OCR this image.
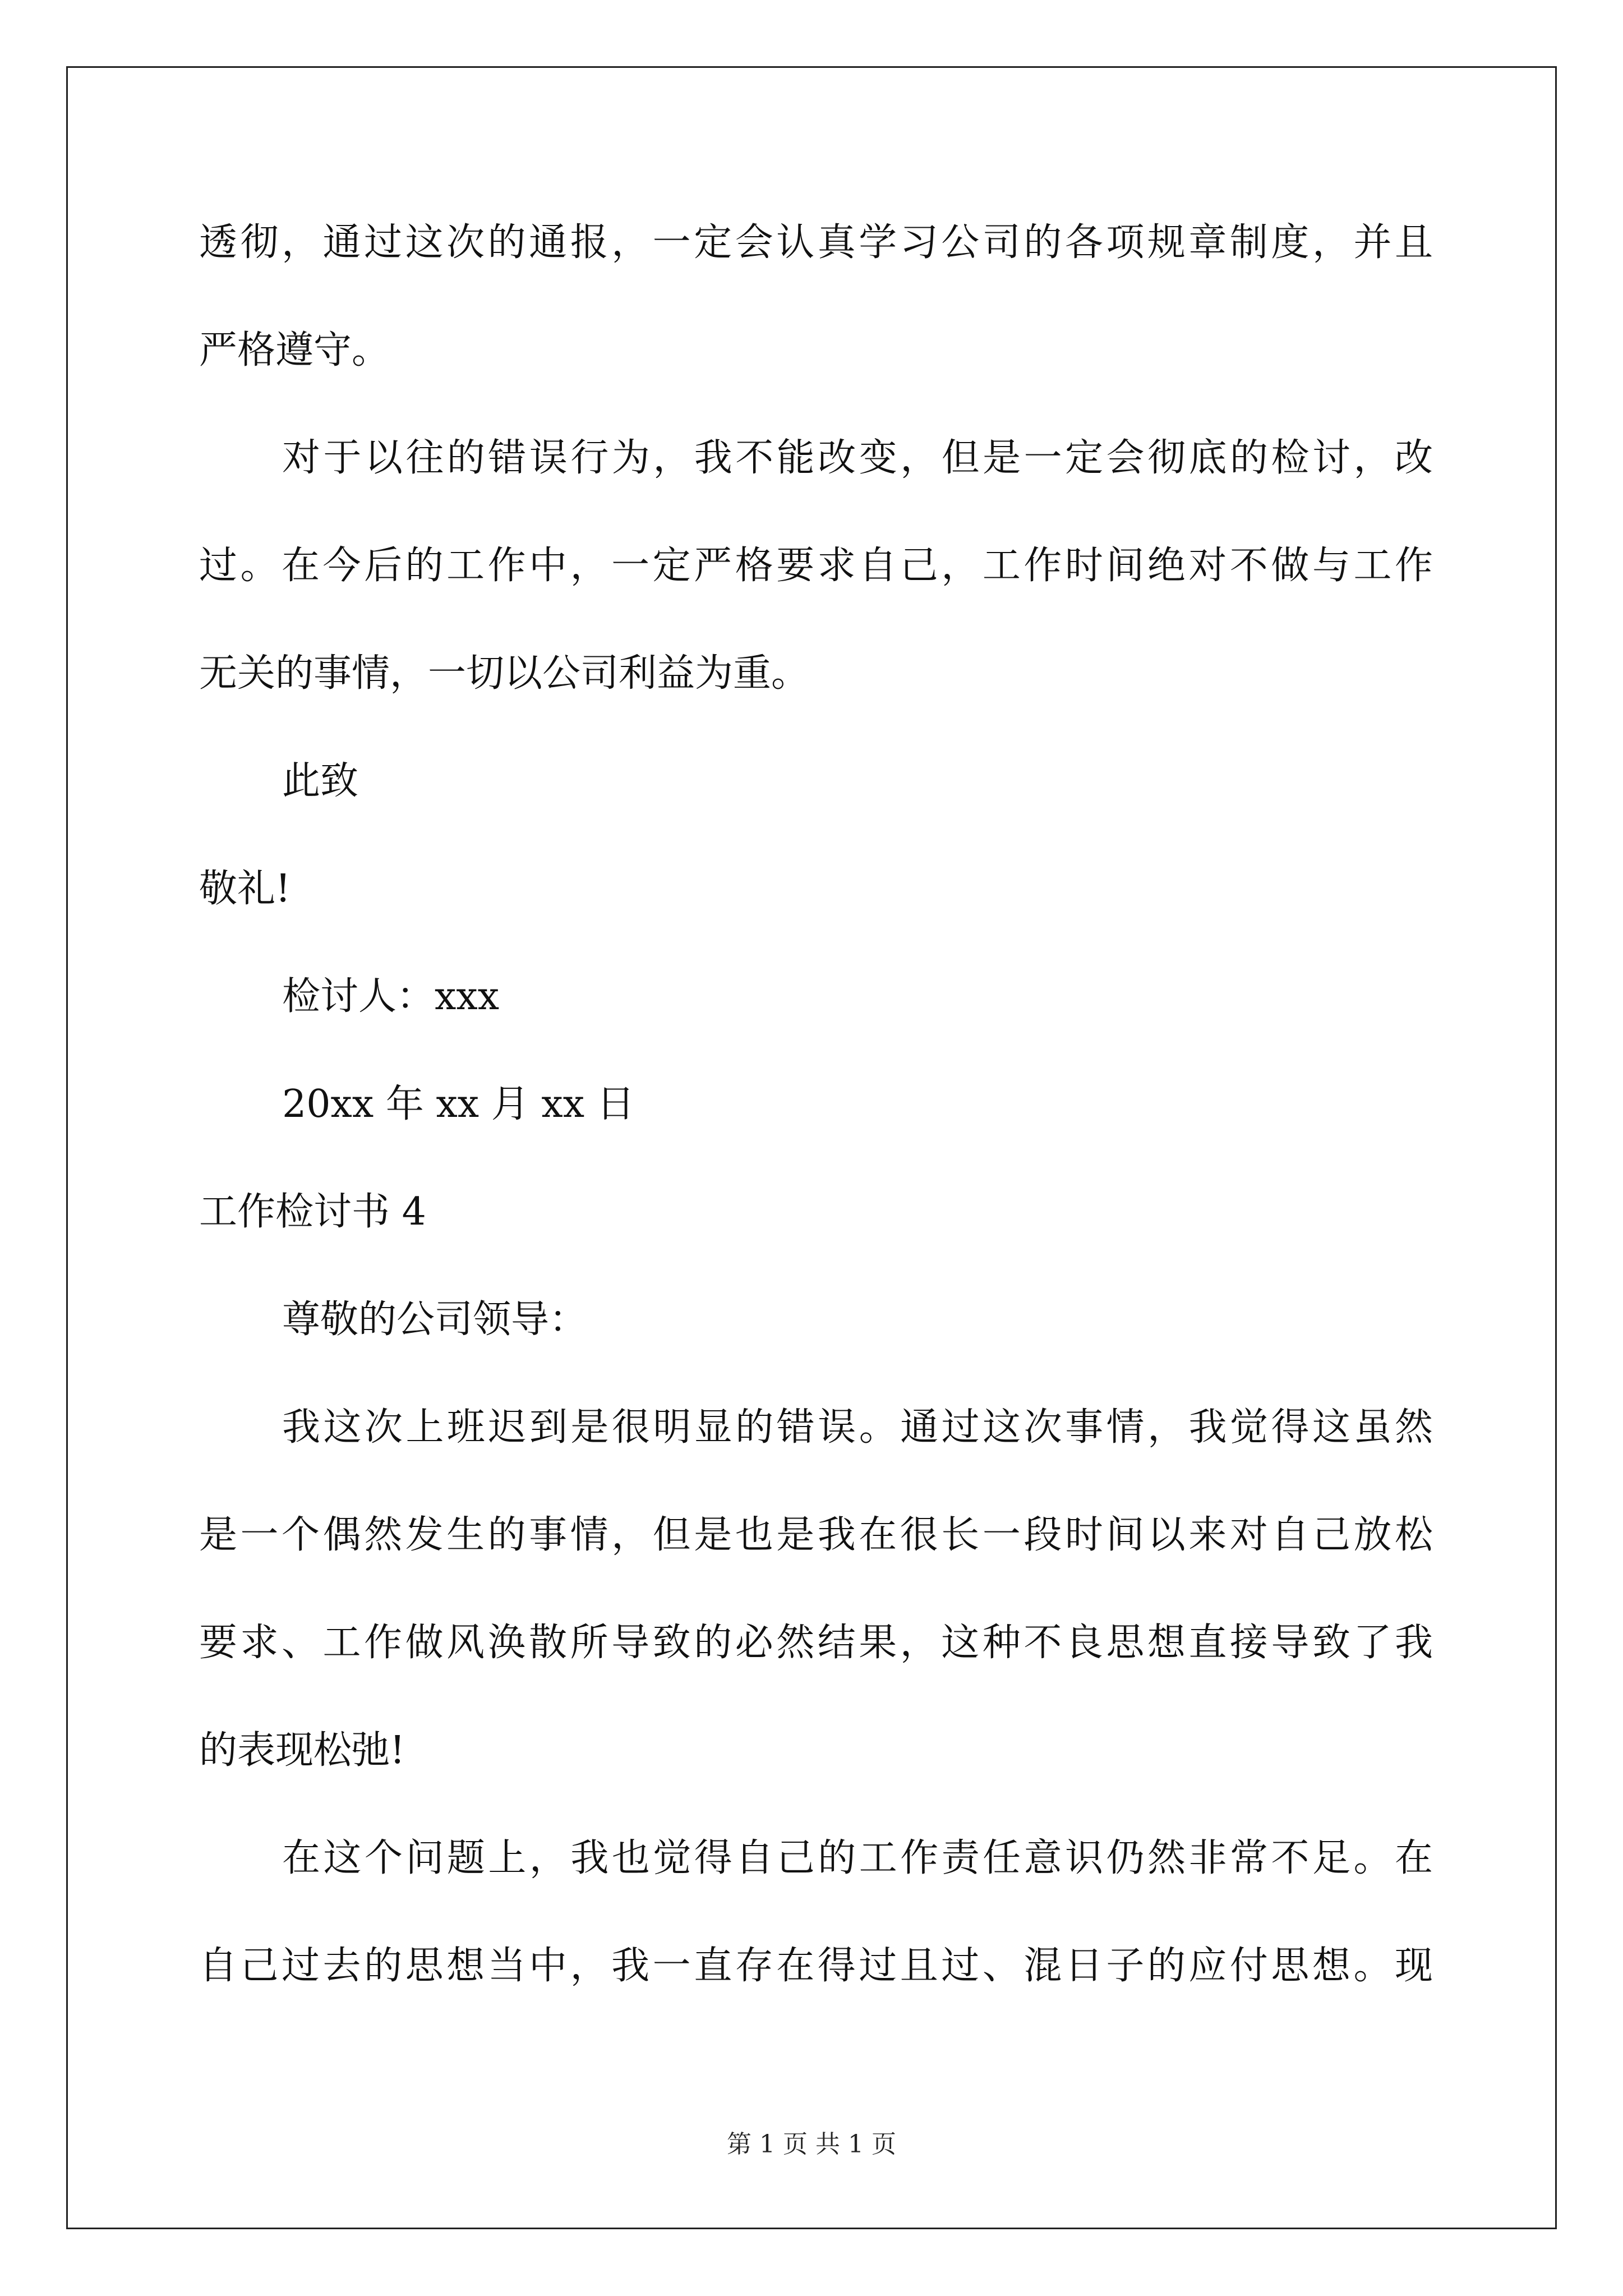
透彻，通过这次的通报，一定会认真学习公司的各项规章制度，并且
严格遵守。
对于以往的错误行为，我不能改变，但是一定会彻底的检讨，改
过。在今后的工作中，一定严格要求自己，工作时间绝对不做与工作
无关的事情，一切以公司利益为重。
此致
敬礼!
检讨人：xxx
20xx 年 xx 月 xx 日
工作检讨书 4
尊敬的公司领导：
我这次上班迟到是很明显的错误。通过这次事情，我觉得这虽然
是一个偶然发生的事情，但是也是我在很长一段时间以来对自己放松
要求、工作做风涣散所导致的必然结果，这种不良思想直接导致了我
的表现松弛!
在这个问题上，我也觉得自己的工作责任意识仍然非常不足。在
自己过去的思想当中，我一直存在得过且过、混日子的应付思想。现
第 1 页 共 1 页
